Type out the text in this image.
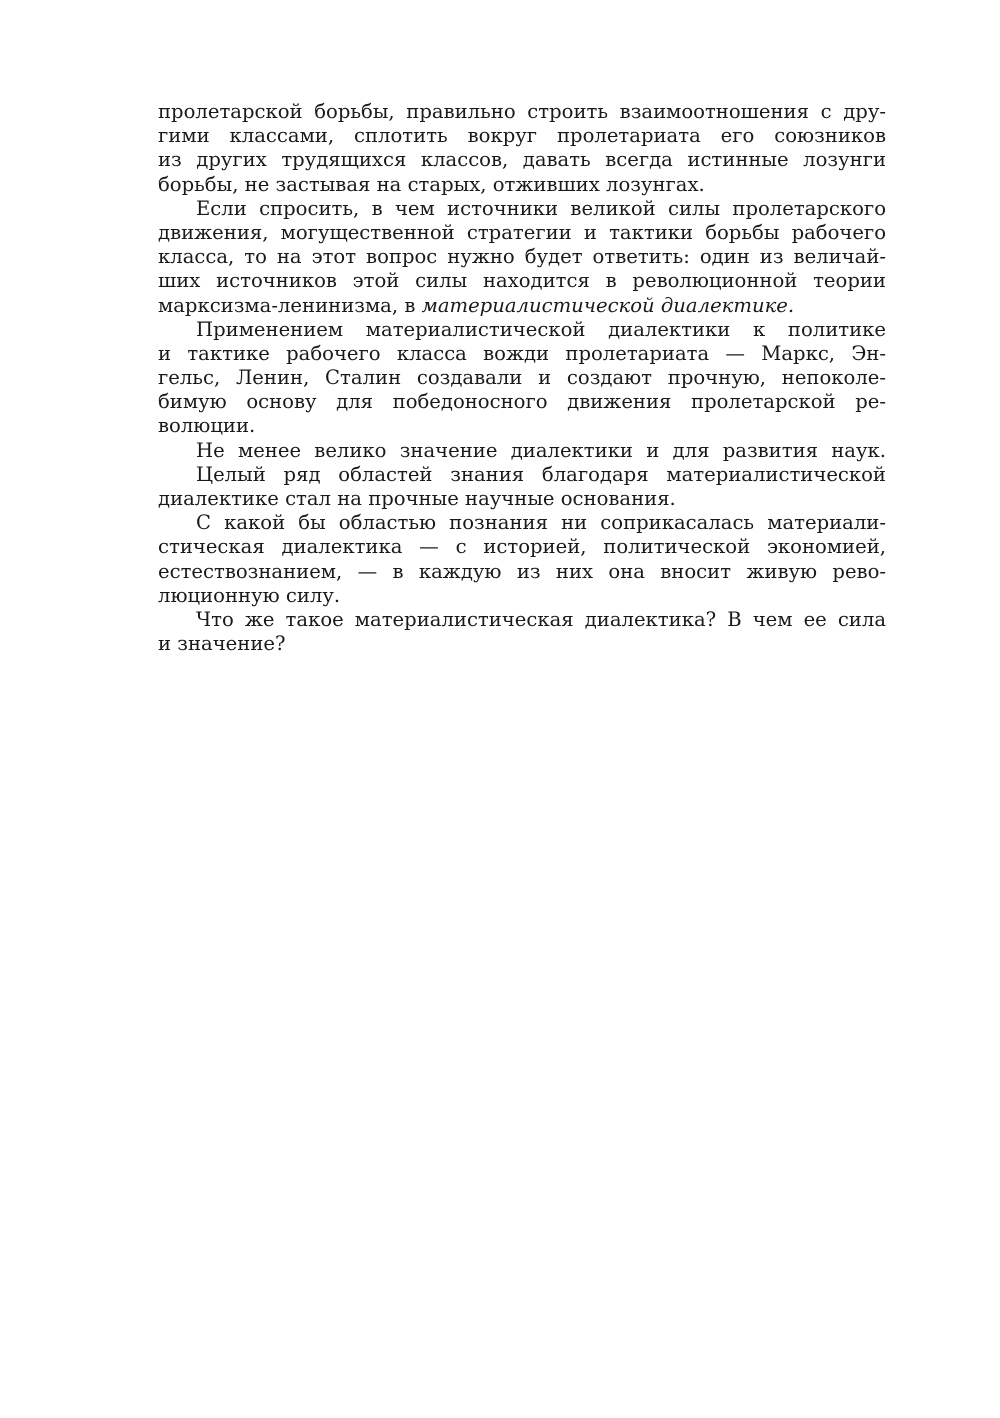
пролетарской борьбы, правильно строить взаимоотношения с дру-
гими классами, сплотить вокруг пролетариата его союзников
из других трудящихся классов, давать всегда истинные лозунги
борьбы, не застывая на старых, отживших лозунгах.
Если спросить, в чем источники великой силы пролетарского
движения, могущественной стратегии и тактики борьбы рабочего
класса, то на этот вопрос нужно будет ответить: один из величай-
ших источников этой силы находится в революционной теории
марксизма-ленинизма, в материалистической диалектике.
Применением материалистической диалектики к политике
и тактике рабочего класса вожди пролетариата — Маркс, Эн-
гельс, Ленин, Сталин создавали и создают прочную, непоколе-
бимую основу для победоносного движения пролетарской ре-
волюции.
Не менее велико значение диалектики и для развития наук.
Целый ряд областей знания благодаря материалистической
диалектике стал на прочные научные основания.
С какой бы областью познания ни соприкасалась материали-
стическая диалектика — с историей, политической экономией,
естествознанием, — в каждую из них она вносит живую рево-
люционную силу.
Что же такое материалистическая диалектика? В чем ее сила
и значение?
